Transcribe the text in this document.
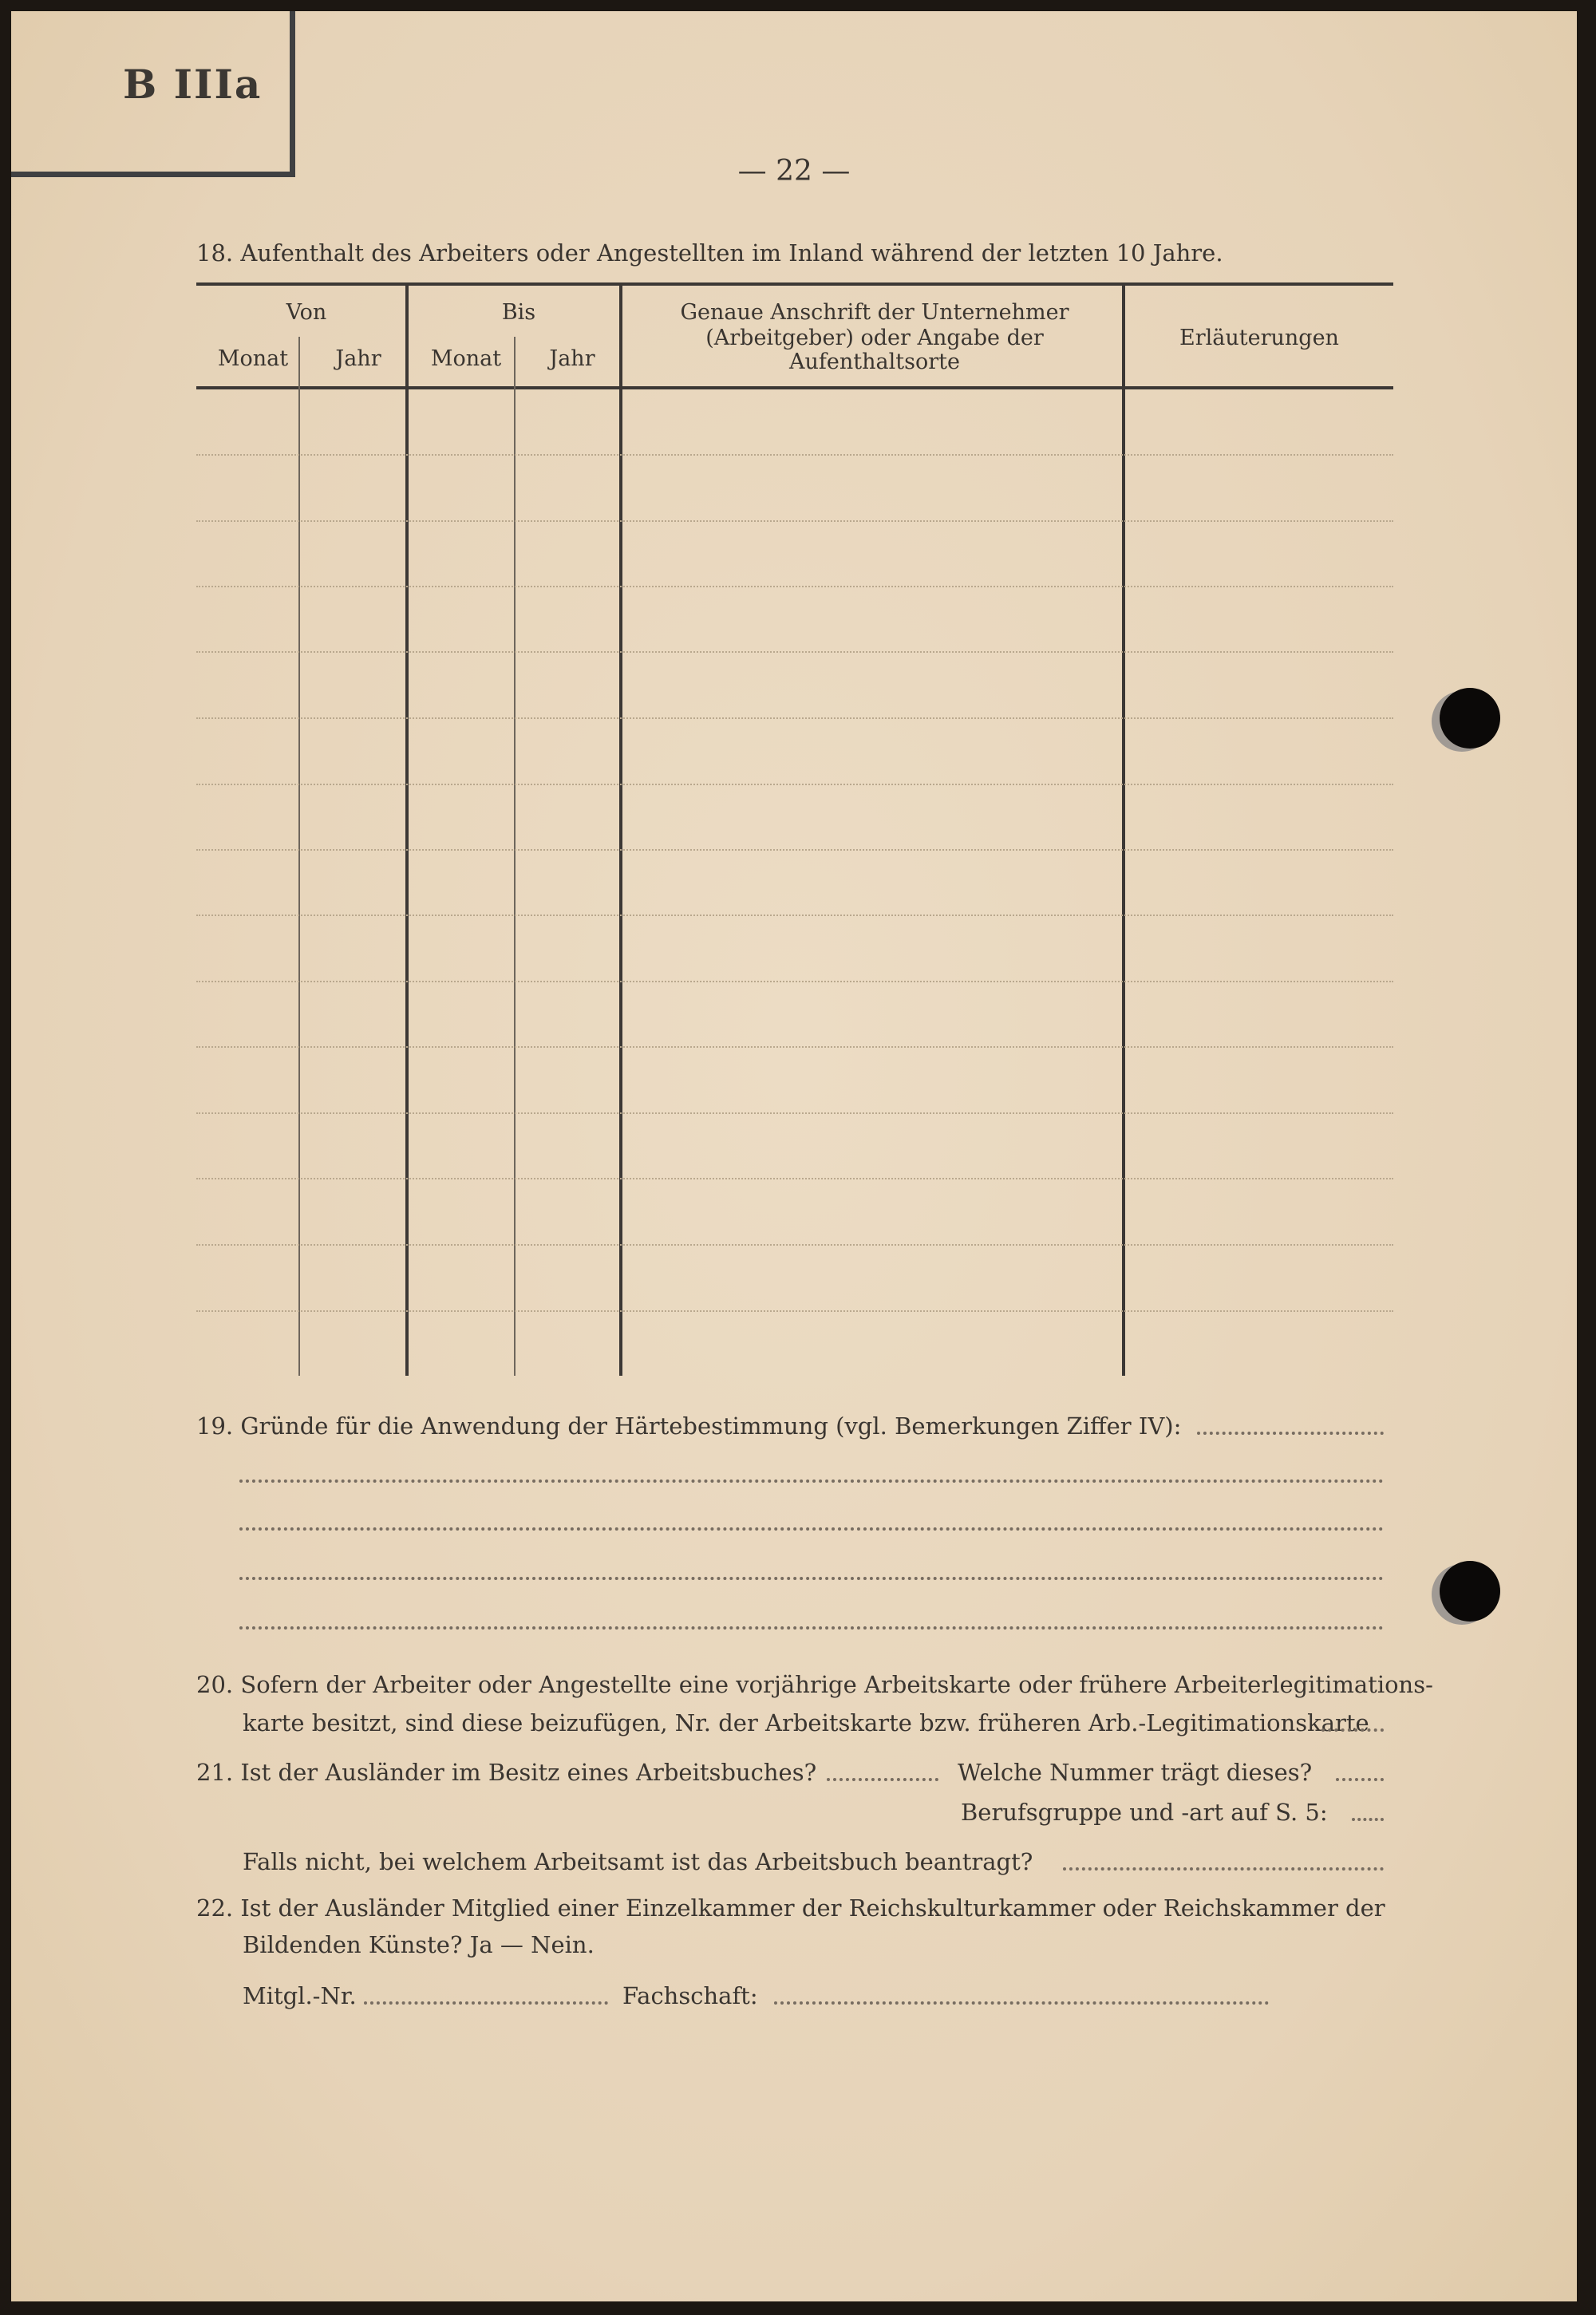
B IIIa
— 22 —
18. Aufenthalt des Arbeiters oder Angestellten im Inland während der letzten 10 Jahre.
Von	Bis
Monat	Jahr	Monat	Jahr
Genaue Anschrift der Unternehmer
(Arbeitgeber) oder Angabe der
Aufenthaltsorte
Erläuterungen
19. Gründe für die Anwendung der Härtebestimmung (vgl. Bemerkungen Ziffer IV):
20. Sofern der Arbeiter oder Angestellte eine vorjährige Arbeitskarte oder frühere Arbeiterlegitimations-
karte besitzt, sind diese beizufügen, Nr. der Arbeitskarte bzw. früheren Arb.-Legitimationskarte
21. Ist der Ausländer im Besitz eines Arbeitsbuches?	Welche Nummer trägt dieses?
Berufsgruppe und -art auf S. 5:
Falls nicht, bei welchem Arbeitsamt ist das Arbeitsbuch beantragt?
22. Ist der Ausländer Mitglied einer Einzelkammer der Reichskulturkammer oder Reichskammer der
Bildenden Künste? Ja — Nein.
Mitgl.-Nr.	Fachschaft:
